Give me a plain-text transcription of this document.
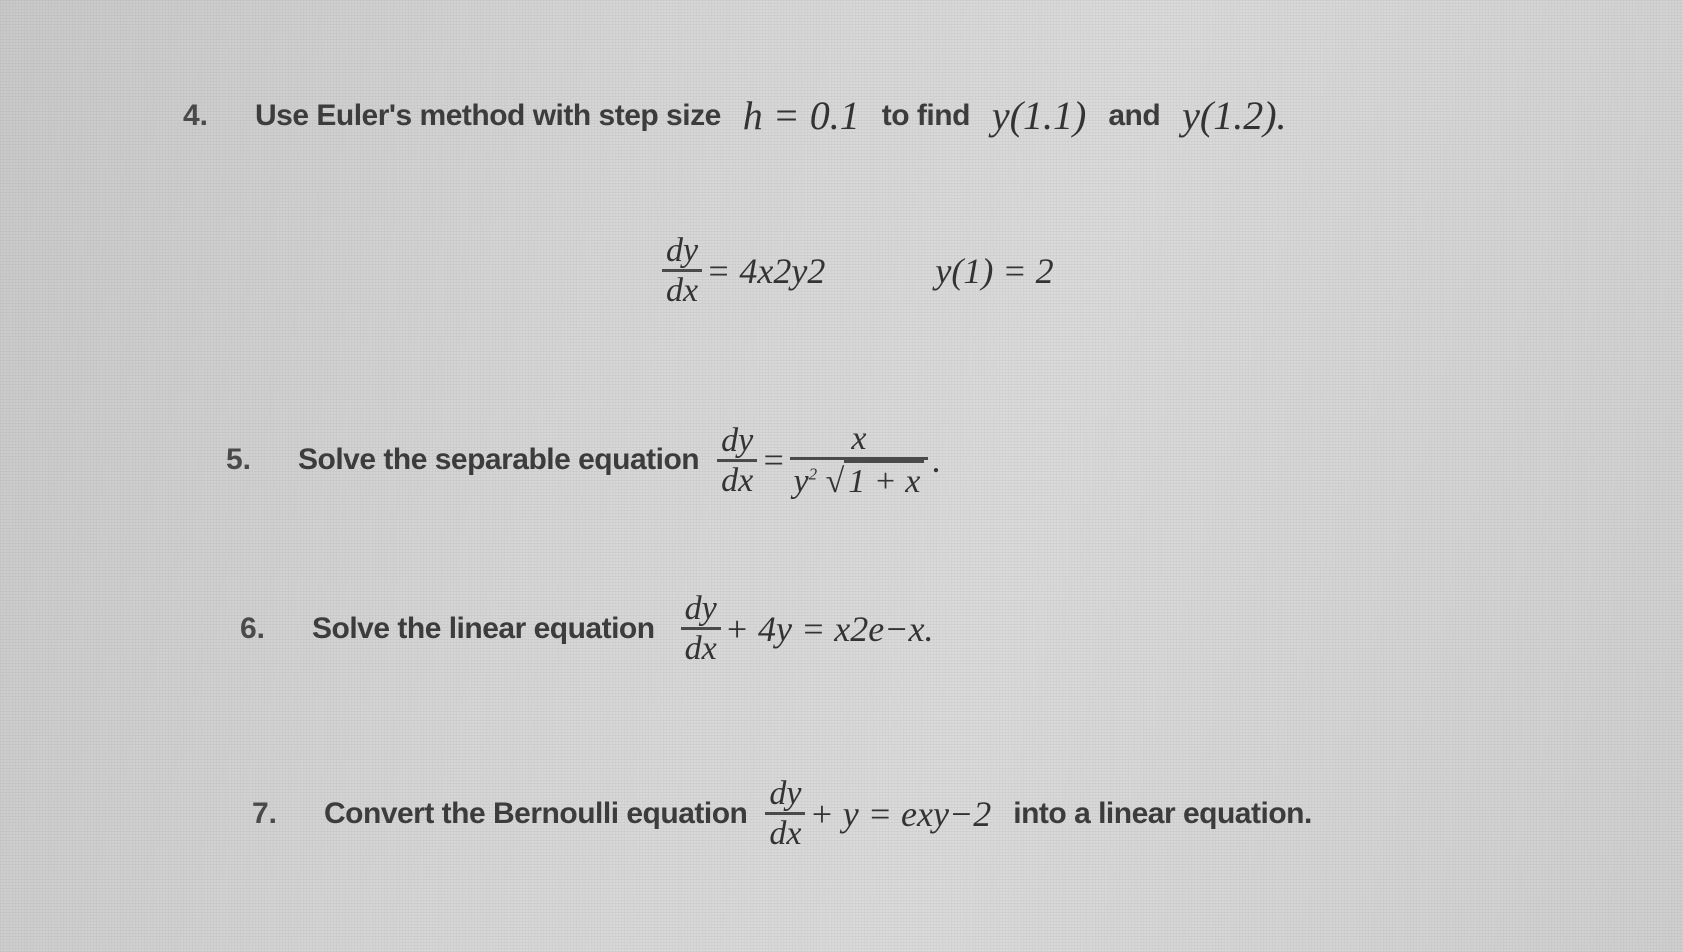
4.	Use Euler's method with step size h = 0.1 to find y(1.1) and y(1.2).
$\frac{dy}{dx} = 4x$ 2 y 2	y(1) = 2
5.	Solve the separable equation $\frac{dy}{dx} = \frac{x}{y^2 √ 1 + x}$ .
6.	Solve the linear equation $\frac{dy}{dx} + 4y = x$ 2 e −x .
7.	Convert the Bernoulli equation $\frac{dy}{dx} + y = e$ x y −2 into a linear equation.
